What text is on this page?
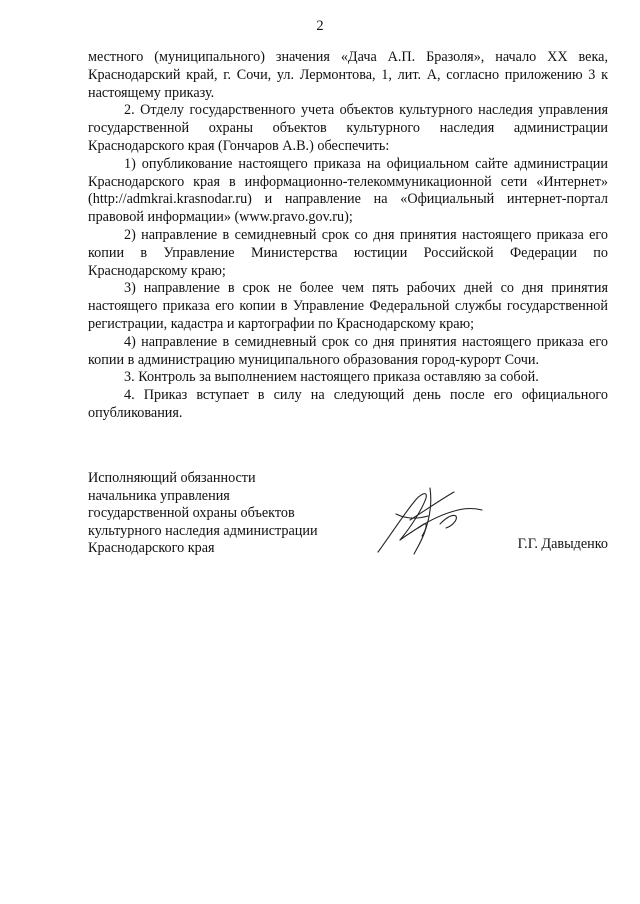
2

местного (муниципального) значения «Дача А.П. Бразоля», начало XX века, Краснодарский край, г. Сочи, ул. Лермонтова, 1, лит. А, согласно приложению 3 к настоящему приказу.

2. Отделу государственного учета объектов культурного наследия управления государственной охраны объектов культурного наследия администрации Краснодарского края (Гончаров А.В.) обеспечить:

1) опубликование настоящего приказа на официальном сайте администрации Краснодарского края в информационно-телекоммуникационной сети «Интернет» (http://admkrai.krasnodar.ru) и направление на «Официальный интернет-портал правовой информации» (www.pravo.gov.ru);

2) направление в семидневный срок со дня принятия настоящего приказа его копии в Управление Министерства юстиции Российской Федерации по Краснодарскому краю;

3) направление в срок не более чем пять рабочих дней со дня принятия настоящего приказа его копии в Управление Федеральной службы государственной регистрации, кадастра и картографии по Краснодарскому краю;

4) направление в семидневный срок со дня принятия настоящего приказа его копии в администрацию муниципального образования город-курорт Сочи.

3. Контроль за выполнением настоящего приказа оставляю за собой.

4. Приказ вступает в силу на следующий день после его официального опубликования.

Исполняющий обязанности

начальника управления

государственной охраны объектов

культурного наследия администрации

Краснодарского края	Г.Г. Давыденко
